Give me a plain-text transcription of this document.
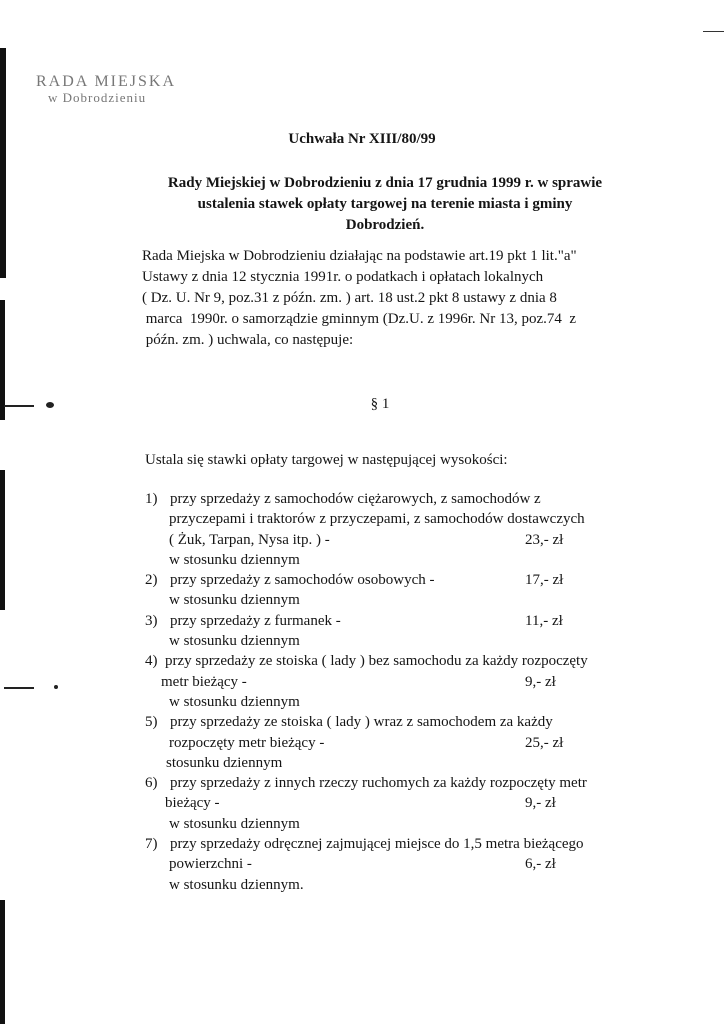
RADA MIEJSKA
w Dobrodzieniu
Uchwała Nr XIII/80/99
Rady Miejskiej w Dobrodzieniu z dnia 17 grudnia 1999 r. w sprawie
ustalenia stawek opłaty targowej na terenie miasta i gminy
Dobrodzień.
Rada Miejska w Dobrodzieniu działając na podstawie art.19 pkt 1 lit."a"
Ustawy z dnia 12 stycznia 1991r. o podatkach i opłatach lokalnych
( Dz. U. Nr 9, poz.31 z późn. zm. ) art. 18 ust.2 pkt 8 ustawy z dnia 8
marca  1990r. o samorządzie gminnym (Dz.U. z 1996r. Nr 13, poz.74  z
późn. zm. ) uchwala, co następuje:
§ 1
Ustala się stawki opłaty targowej w następującej wysokości:
1) przy sprzedaży z samochodów ciężarowych, z samochodów z
przyczepami i traktorów z przyczepami, z samochodów dostawczych
( Żuk, Tarpan, Nysa itp. ) -	23,- zł
w stosunku dziennym
2) przy sprzedaży z samochodów osobowych -	17,- zł
w stosunku dziennym
3) przy sprzedaży z furmanek -	11,- zł
w stosunku dziennym
4) przy sprzedaży ze stoiska ( lady ) bez samochodu za każdy rozpoczęty
metr bieżący -	9,- zł
w stosunku dziennym
5) przy sprzedaży ze stoiska ( lady ) wraz z samochodem za każdy
rozpoczęty metr bieżący -	25,- zł
stosunku dziennym
6) przy sprzedaży z innych rzeczy ruchomych za każdy rozpoczęty metr
bieżący -	9,- zł
w stosunku dziennym
7) przy sprzedaży odręcznej zajmującej miejsce do 1,5 metra bieżącego
powierzchni -	6,- zł
w stosunku dziennym.
